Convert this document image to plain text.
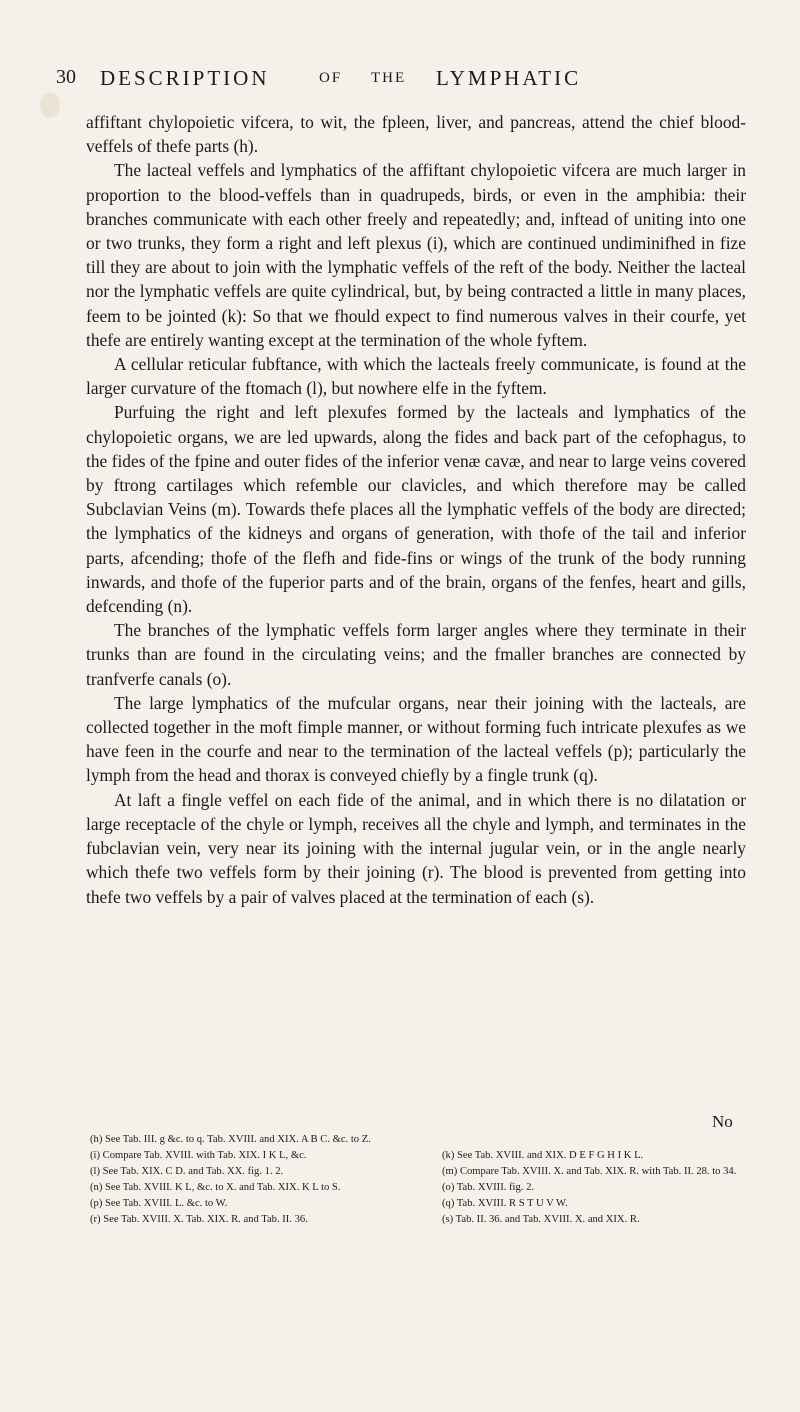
30 DESCRIPTION	OF THE LYMPHATIC

affiftant chylopoietic vifcera, to wit, the fpleen, liver, and pancreas, attend the chief blood-veffels of thefe parts (h).

The lacteal veffels and lymphatics of the affiftant chylopoietic vifcera are much larger in proportion to the blood-veffels than in quadrupeds, birds, or even in the amphibia: their branches communicate with each other freely and repeatedly; and, inftead of uniting into one or two trunks, they form a right and left plexus (i), which are continued undiminifhed in fize till they are about to join with the lymphatic veffels of the reft of the body. Neither the lacteal nor the lymphatic veffels are quite cylindrical, but, by being contracted a little in many places, feem to be jointed (k): So that we fhould expect to find numerous valves in their courfe, yet thefe are entirely wanting except at the termination of the whole fyftem.

A cellular reticular fubftance, with which the lacteals freely communicate, is found at the larger curvature of the ftomach (l), but nowhere elfe in the fyftem.

Purfuing the right and left plexufes formed by the lacteals and lymphatics of the chylopoietic organs, we are led upwards, along the fides and back part of the cefophagus, to the fides of the fpine and outer fides of the inferior venæ cavæ, and near to large veins covered by ftrong cartilages which refemble our clavicles, and which therefore may be called Subclavian Veins (m). Towards thefe places all the lymphatic veffels of the body are directed; the lymphatics of the kidneys and organs of generation, with thofe of the tail and inferior parts, afcending; thofe of the flefh and fide-fins or wings of the trunk of the body running inwards, and thofe of the fuperior parts and of the brain, organs of the fenfes, heart and gills, defcending (n).

The branches of the lymphatic veffels form larger angles where they terminate in their trunks than are found in the circulating veins; and the fmaller branches are connected by tranfverfe canals (o).

The large lymphatics of the mufcular organs, near their joining with the lacteals, are collected together in the moft fimple manner, or without forming fuch intricate plexufes as we have feen in the courfe and near to the termination of the lacteal veffels (p); particularly the lymph from the head and thorax is conveyed chiefly by a fingle trunk (q).

At laft a fingle veffel on each fide of the animal, and in which there is no dilatation or large receptacle of the chyle or lymph, receives all the chyle and lymph, and terminates in the fubclavian vein, very near its joining with the internal jugular vein, or in the angle nearly which thefe two veffels form by their joining (r). The blood is prevented from getting into thefe two veffels by a pair of valves placed at the termination of each (s).

No
(h) See Tab. III. g &c. to q. Tab. XVIII. and XIX. A B C. &c. to Z.
(i) Compare Tab. XVIII. with Tab. XIX. I K L, &c.	(k) See Tab. XVIII. and XIX. D E F G H I K L.
(l) See Tab. XIX. C D. and Tab. XX. fig. 1. 2.	(m) Compare Tab. XVIII. X. and Tab. XIX. R. with Tab. II. 28. to 34.
(n) See Tab. XVIII. K L, &c. to X. and Tab. XIX. K L to S.	(o) Tab. XVIII. fig. 2.
(p) See Tab. XVIII. L. &c. to W.	(q) Tab. XVIII. R S T U V W.
(r) See Tab. XVIII. X. Tab. XIX. R. and Tab. II. 36.	(s) Tab. II. 36. and Tab. XVIII. X. and XIX. R.
